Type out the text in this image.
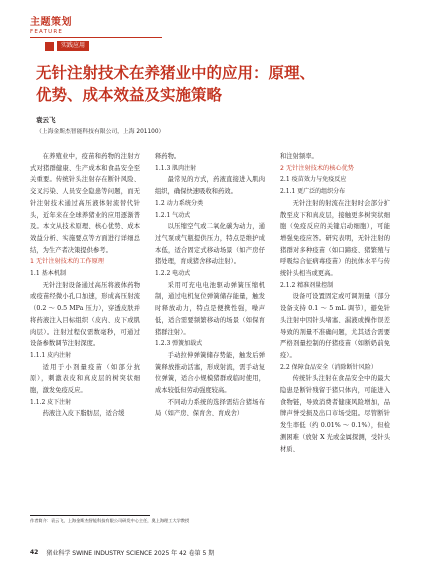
主题策划
FEATURE
实践应用
无针注射技术在养猪业中的应用：原理、
优势、成本效益及实施策略
袁云飞
（上海金斯杰智能科技有限公司，上海 201100）

在养殖业中，疫苗和药物的注射方式对猪群健康、生产成本和食品安全至关重要。传统针头注射存在断针风险、交叉污染、人员安全隐患等问题，而无针注射技术通过高压液体射流替代针头，近年来在全球养猪业的应用逐渐普及。本文从技术原理、核心优势、成本效益分析、实施要点等方面进行详细总结，为生产者决策提供参考。

1 无针注射技术的工作原理

1.1 基本机制

无针注射设备通过高压将液体药物或疫苗经微小孔口加速，形成高压射流（0.2 ～ 0.5 MPa 压力），穿透皮肤并将药液注入目标组织（皮内、皮下或肌肉层）。注射过程仅需数毫秒，可通过设备参数调节注射深度。

1.1.1 皮内注射

适用于小剂量疫苗（如部分抗原），刺激表皮和真皮层的树突状细胞，激发免疫反应。

1.1.2 皮下注射

药液注入皮下脂肪层，适合缓

释药物。

1.1.3 肌肉注射

最常见的方式，药液直接进入肌肉组织，确保快速吸收和药效。

1.2 动力系统分类

1.2.1 气动式

以压缩空气或二氧化碳为动力，通过气泵或气瓶提供压力，特点是维护成本低，适合固定式移动场景（如产房仔猪处理，育成猪舍移动注射）。

1.2.2 电动式

采用可充电电池驱动弹簧压缩机制，通过电机复位弹簧储存能量，触发时释放动力，特点是便携性强，噪声低，适合需要频繁移动的场景（如保育猪群注射）。

1.2.3 弹簧加载式

手动拉伸弹簧储存势能，触发后弹簧释放推动活塞，形成射流，需手动复位弹簧，适合小规模猪群或临时使用，成本较低但劳动强度较高。

不同动力系统的选择需结合猪场布局（如产房、保育舍、育成舍）

和注射频率。

2 无针注射技术的核心优势

2.1 疫苗效力与免疫反应

2.1.1 更广泛的组织分布

无针注射的射流在注射时会部分扩散至皮下和真皮层，接触更多树突状细胞（免疫反应的关键启动细胞），可能增强免疫应答。研究表明，无针注射的猪群对多种疫苗（如口蹄疫、猪繁殖与呼吸综合征病毒疫苗）的抗体水平与传统针头相当或更高。

2.1.2 精准剂量控制

设备可设置固定或可调剂量（部分设备支持 0.1 ～ 5 mL 调节），避免针头注射中因针头堵塞、漏液或操作误差导致的剂量不准确问题，尤其适合需要严格剂量控制的仔猪疫苗（如断奶前免疫）。

2.2 保障食品安全（消除断针风险）

传统针头注射在食品安全中的最大隐患是断针残留于猪只体内，可能进入食物链，导致消费者健康风险增加，品牌声誉受损及出口市场受阻。尽管断针发生率低（约 0.01% ～ 0.1%），但检测困难（放射 X 光或金属探测，受针头材质、

作者简介：袁云飞，上海金斯杰智能科技有限公司研发中心主任，奥上海理工大学教授
42 猪业科学 SWINE INDUSTRY SCIENCE 2025 年 42 卷第 5 期
